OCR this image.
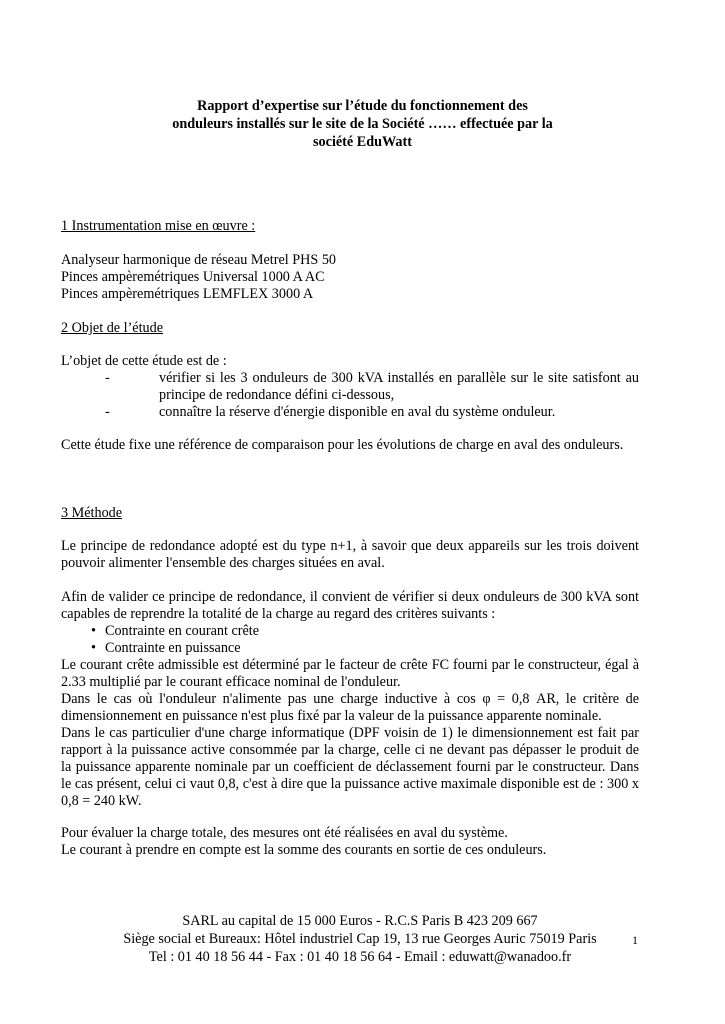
Rapport d’expertise sur l’étude du fonctionnement des
onduleurs installés sur le site de la Société …… effectuée par la
société EduWatt
1 Instrumentation mise en œuvre :
Analyseur harmonique de réseau Metrel PHS 50
Pinces ampèremétriques Universal 1000 A AC
Pinces ampèremétriques LEMFLEX 3000 A
2 Objet de l’étude
L’objet de cette étude est de :
-	vérifier si les 3 onduleurs de 300 kVA installés en parallèle sur le site satisfont au principe de redondance défini ci-dessous,
-	connaître la réserve d'énergie disponible en aval du système onduleur.
Cette étude fixe une référence de comparaison pour les évolutions de charge en aval des onduleurs.
3 Méthode
Le principe de redondance adopté est du type n+1, à savoir que deux appareils sur les trois doivent pouvoir alimenter l'ensemble des charges situées en aval.
Afin de valider ce principe de redondance, il convient de vérifier si deux onduleurs de 300 kVA sont capables de reprendre la totalité de la charge au regard des critères suivants :
• Contrainte en courant crête
• Contrainte en puissance
Le courant crête admissible est déterminé par le facteur de crête FC fourni par le constructeur, égal à 2.33 multiplié par le courant efficace nominal de l'onduleur.
Dans le cas où l'onduleur n'alimente pas une charge inductive à cos φ = 0,8 AR, le critère de dimensionnement en puissance n'est plus fixé par la valeur de la puissance apparente nominale.
Dans le cas particulier d'une charge informatique (DPF voisin de 1) le dimensionnement est fait par rapport à la puissance active consommée par la charge, celle ci ne devant pas dépasser le produit de la puissance apparente nominale par un coefficient de déclassement fourni par le constructeur. Dans le cas présent, celui ci vaut 0,8, c'est à dire que la puissance active maximale disponible est de : 300 x 0,8 = 240 kW.
Pour évaluer la charge totale, des mesures ont été réalisées en aval du système.
Le courant à prendre en compte est la somme des courants en sortie de ces onduleurs.
SARL au capital de 15 000 Euros - R.C.S Paris B 423 209 667
Siège social et Bureaux: Hôtel industriel Cap 19, 13 rue Georges Auric 75019 Paris
Tel : 01 40 18 56 44 - Fax : 01 40 18 56 64 - Email : eduwatt@wanadoo.fr
1
